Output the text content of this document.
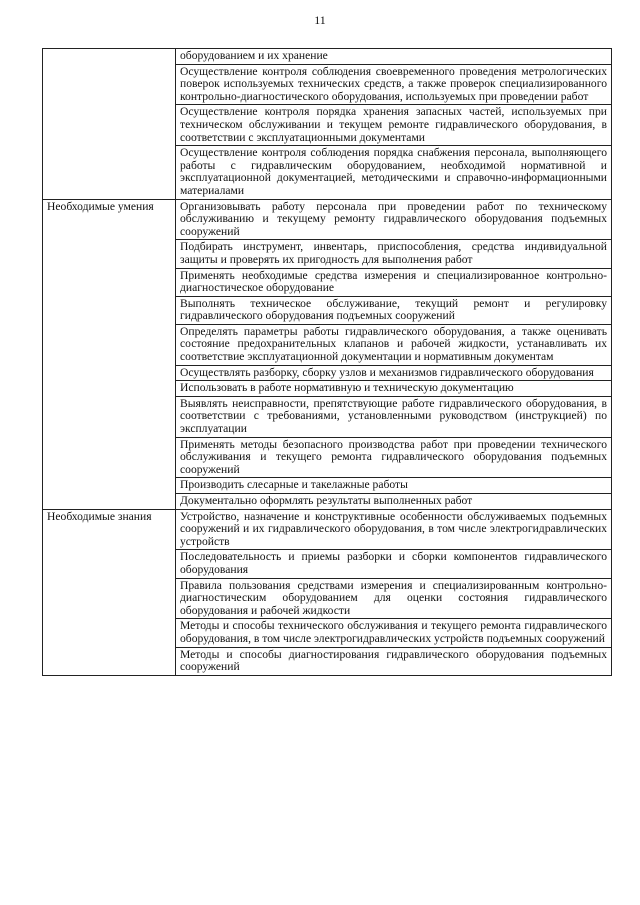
11
	оборудованием и их хранение
	Осуществление контроля соблюдения своевременного проведения метрологических поверок используемых технических средств, а также проверок специализированного контрольно-диагностического оборудования, используемых при проведении работ
	Осуществление контроля порядка хранения запасных частей, используемых при техническом обслуживании и текущем ремонте гидравлического оборудования, в соответствии с эксплуатационными документами
	Осуществление контроля соблюдения порядка снабжения персонала, выполняющего работы с гидравлическим оборудованием, необходимой нормативной и эксплуатационной документацией, методическими и справочно-информационными материалами
Необходимые умения	Организовывать работу персонала при проведении работ по техническому обслуживанию и текущему ремонту гидравлического оборудования подъемных сооружений
	Подбирать инструмент, инвентарь, приспособления, средства индивидуальной защиты и проверять их пригодность для выполнения работ
	Применять необходимые средства измерения и специализированное контрольно-диагностическое оборудование
	Выполнять техническое обслуживание, текущий ремонт и регулировку гидравлического оборудования подъемных сооружений
	Определять параметры работы гидравлического оборудования, а также оценивать состояние предохранительных клапанов и рабочей жидкости, устанавливать их соответствие эксплуатационной документации и нормативным документам
	Осуществлять разборку, сборку узлов и механизмов гидравлического оборудования
	Использовать в работе нормативную и техническую документацию
	Выявлять неисправности, препятствующие работе гидравлического оборудования, в соответствии с требованиями, установленными руководством (инструкцией) по эксплуатации
	Применять методы безопасного производства работ при проведении технического обслуживания и текущего ремонта гидравлического оборудования подъемных сооружений
	Производить слесарные и такелажные работы
	Документально оформлять результаты выполненных работ
Необходимые знания	Устройство, назначение и конструктивные особенности обслуживаемых подъемных сооружений и их гидравлического оборудования, в том числе электрогидравлических устройств
	Последовательность и приемы разборки и сборки компонентов гидравлического оборудования
	Правила пользования средствами измерения и специализированным контрольно-диагностическим оборудованием для оценки состояния гидравлического оборудования и рабочей жидкости
	Методы и способы технического обслуживания и текущего ремонта гидравлического оборудования, в том числе электрогидравлических устройств подъемных сооружений
	Методы и способы диагностирования гидравлического оборудования подъемных сооружений
